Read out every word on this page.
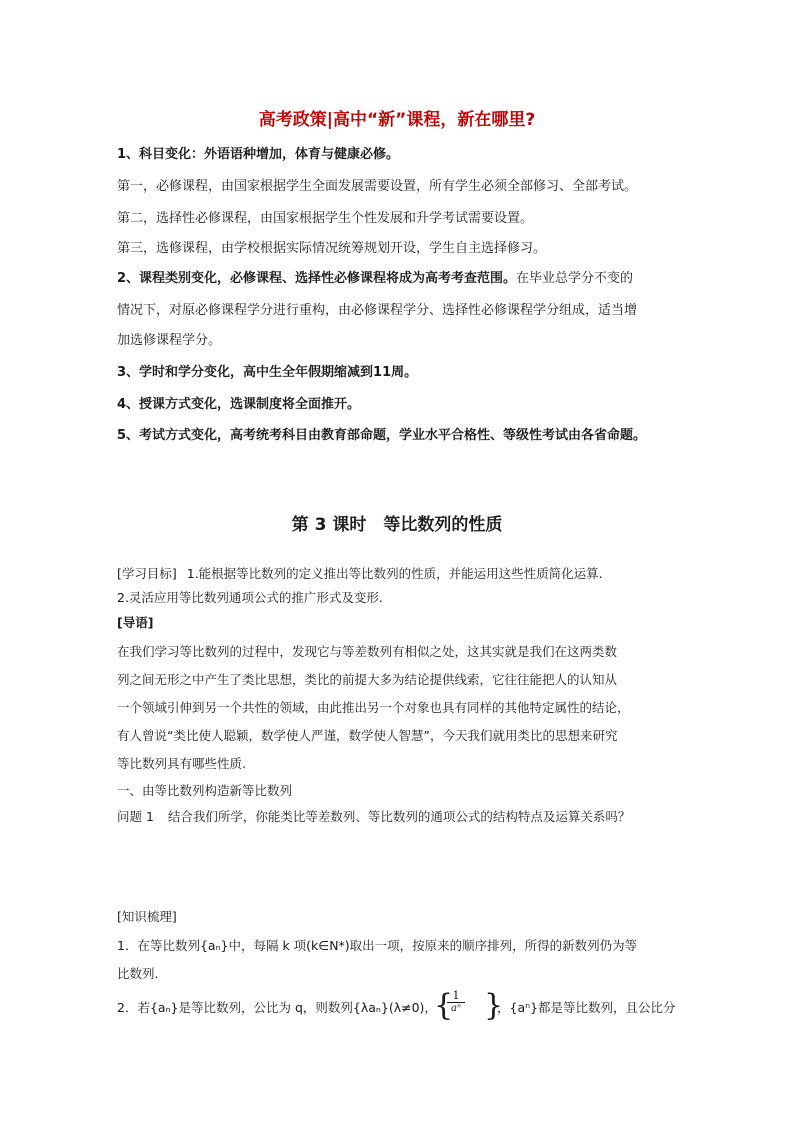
高考政策|高中“新”课程，新在哪里?
1、科目变化：外语语种增加，体育与健康必修。
第一，必修课程，由国家根据学生全面发展需要设置，所有学生必须全部修习、全部考试。
第二，选择性必修课程，由国家根据学生个性发展和升学考试需要设置。
第三，选修课程，由学校根据实际情况统筹规划开设，学生自主选择修习。
2、课程类别变化，必修课程、选择性必修课程将成为高考考查范围。在毕业总学分不变的
情况下，对原必修课程学分进行重构，由必修课程学分、选择性必修课程学分组成，适当增
加选修课程学分。
3、学时和学分变化，高中生全年假期缩减到11周。
4、授课方式变化，选课制度将全面推开。
5、考试方式变化，高考统考科目由教育部命题，学业水平合格性、等级性考试由各省命题。
第 3 课时　等比数列的性质
[学习目标] 1.能根据等比数列的定义推出等比数列的性质，并能运用这些性质简化运算.
2.灵活应用等比数列通项公式的推广形式及变形.
[导语]
在我们学习等比数列的过程中，发现它与等差数列有相似之处，这其实就是我们在这两类数
列之间无形之中产生了类比思想，类比的前提大多为结论提供线索，它往往能把人的认知从
一个领域引伸到另一个共性的领域，由此推出另一个对象也具有同样的其他特定属性的结论，
有人曾说“类比使人聪颖，数学使人严谨，数学使人智慧”，今天我们就用类比的思想来研究
等比数列具有哪些性质.
一、由等比数列构造新等比数列
问题 1 结合我们所学，你能类比等差数列、等比数列的通项公式的结构特点及运算关系吗？
[知识梳理]
1．在等比数列{aₙ}中，每隔 k 项(k∈N*)取出一项，按原来的顺序排列，所得的新数列仍为等
比数列.
2．若{aₙ}是等比数列，公比为 q，则数列{λaₙ}(λ≠0)，
{
$\frac{1}{\text{aⁿ}}$ }
，{aⁿ}都是等比数列，且公比分
